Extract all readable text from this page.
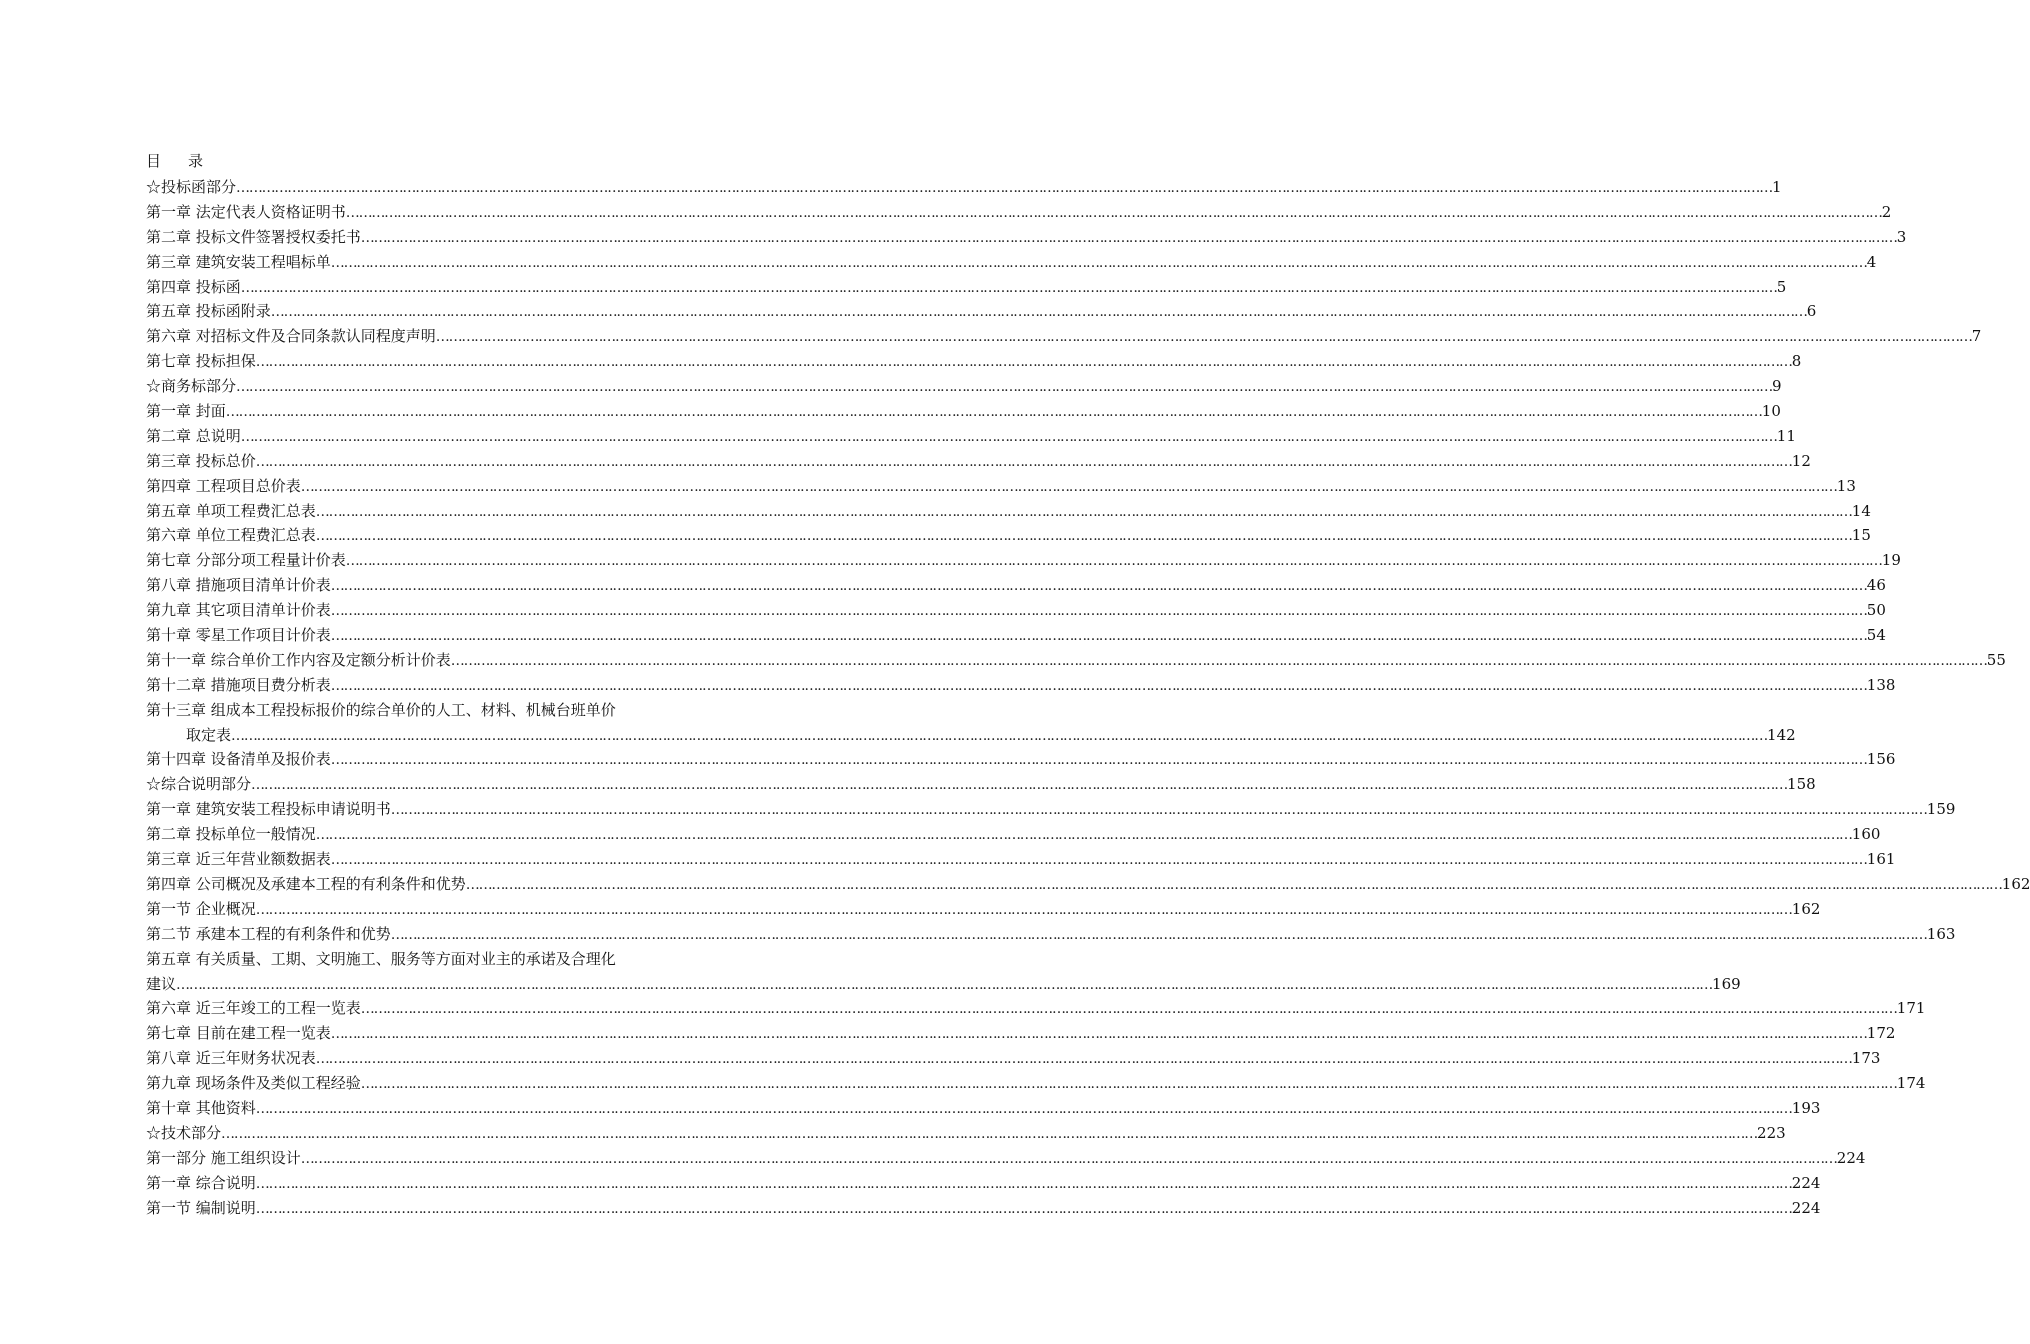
目　录
☆投标函部分 ……………………………………………………………………………………………………………………………………………………………………………………………………………………………………………………………………………………………………………………………… 1
第一章 法定代表人资格证明书 ……………………………………………………………………………………………………………………………………………………………………………………………………………………………………………………………………………………………………………………………… 2
第二章 投标文件签署授权委托书 ……………………………………………………………………………………………………………………………………………………………………………………………………………………………………………………………………………………………………………………………… 3
第三章 建筑安装工程唱标单 ……………………………………………………………………………………………………………………………………………………………………………………………………………………………………………………………………………………………………………………………… 4
第四章 投标函 ……………………………………………………………………………………………………………………………………………………………………………………………………………………………………………………………………………………………………………………………… 5
第五章 投标函附录 ……………………………………………………………………………………………………………………………………………………………………………………………………………………………………………………………………………………………………………………………… 6
第六章 对招标文件及合同条款认同程度声明 ……………………………………………………………………………………………………………………………………………………………………………………………………………………………………………………………………………………………………………………………… 7
第七章 投标担保 ……………………………………………………………………………………………………………………………………………………………………………………………………………………………………………………………………………………………………………………………… 8
☆商务标部分 ……………………………………………………………………………………………………………………………………………………………………………………………………………………………………………………………………………………………………………………………… 9
第一章 封面 ……………………………………………………………………………………………………………………………………………………………………………………………………………………………………………………………………………………………………………………………… 10
第二章 总说明 ……………………………………………………………………………………………………………………………………………………………………………………………………………………………………………………………………………………………………………………………… 11
第三章 投标总价 ……………………………………………………………………………………………………………………………………………………………………………………………………………………………………………………………………………………………………………………………… 12
第四章 工程项目总价表 ……………………………………………………………………………………………………………………………………………………………………………………………………………………………………………………………………………………………………………………………… 13
第五章 单项工程费汇总表 ……………………………………………………………………………………………………………………………………………………………………………………………………………………………………………………………………………………………………………………………… 14
第六章 单位工程费汇总表 ……………………………………………………………………………………………………………………………………………………………………………………………………………………………………………………………………………………………………………………………… 15
第七章 分部分项工程量计价表 ……………………………………………………………………………………………………………………………………………………………………………………………………………………………………………………………………………………………………………………………… 19
第八章 措施项目清单计价表 ……………………………………………………………………………………………………………………………………………………………………………………………………………………………………………………………………………………………………………………………… 46
第九章 其它项目清单计价表 ……………………………………………………………………………………………………………………………………………………………………………………………………………………………………………………………………………………………………………………………… 50
第十章 零星工作项目计价表 ……………………………………………………………………………………………………………………………………………………………………………………………………………………………………………………………………………………………………………………………… 54
第十一章 综合单价工作内容及定额分析计价表 ……………………………………………………………………………………………………………………………………………………………………………………………………………………………………………………………………………………………………………………………… 55
第十二章 措施项目费分析表 ……………………………………………………………………………………………………………………………………………………………………………………………………………………………………………………………………………………………………………………………… 138
第十三章 组成本工程投标报价的综合单价的人工、材料、机械台班单价
取定表 ……………………………………………………………………………………………………………………………………………………………………………………………………………………………………………………………………………………………………………………………… 142
第十四章 设备清单及报价表 ……………………………………………………………………………………………………………………………………………………………………………………………………………………………………………………………………………………………………………………………… 156
☆综合说明部分 ……………………………………………………………………………………………………………………………………………………………………………………………………………………………………………………………………………………………………………………………… 158
第一章 建筑安装工程投标申请说明书 ……………………………………………………………………………………………………………………………………………………………………………………………………………………………………………………………………………………………………………………………… 159
第二章 投标单位一般情况 ……………………………………………………………………………………………………………………………………………………………………………………………………………………………………………………………………………………………………………………………… 160
第三章 近三年营业额数据表 ……………………………………………………………………………………………………………………………………………………………………………………………………………………………………………………………………………………………………………………………… 161
第四章 公司概况及承建本工程的有利条件和优势 ……………………………………………………………………………………………………………………………………………………………………………………………………………………………………………………………………………………………………………………………… 162
第一节 企业概况 ……………………………………………………………………………………………………………………………………………………………………………………………………………………………………………………………………………………………………………………………… 162
第二节 承建本工程的有利条件和优势 ……………………………………………………………………………………………………………………………………………………………………………………………………………………………………………………………………………………………………………………………… 163
第五章 有关质量、工期、文明施工、服务等方面对业主的承诺及合理化
建议 ……………………………………………………………………………………………………………………………………………………………………………………………………………………………………………………………………………………………………………………………… 169
第六章 近三年竣工的工程一览表 ……………………………………………………………………………………………………………………………………………………………………………………………………………………………………………………………………………………………………………………………… 171
第七章 目前在建工程一览表 ……………………………………………………………………………………………………………………………………………………………………………………………………………………………………………………………………………………………………………………………… 172
第八章 近三年财务状况表 ……………………………………………………………………………………………………………………………………………………………………………………………………………………………………………………………………………………………………………………………… 173
第九章 现场条件及类似工程经验 ……………………………………………………………………………………………………………………………………………………………………………………………………………………………………………………………………………………………………………………………… 174
第十章 其他资料 ……………………………………………………………………………………………………………………………………………………………………………………………………………………………………………………………………………………………………………………………… 193
☆技术部分 ……………………………………………………………………………………………………………………………………………………………………………………………………………………………………………………………………………………………………………………………… 223
第一部分 施工组织设计 ……………………………………………………………………………………………………………………………………………………………………………………………………………………………………………………………………………………………………………………………… 224
第一章 综合说明 ……………………………………………………………………………………………………………………………………………………………………………………………………………………………………………………………………………………………………………………………… 224
第一节 编制说明 ……………………………………………………………………………………………………………………………………………………………………………………………………………………………………………………………………………………………………………………………… 224
